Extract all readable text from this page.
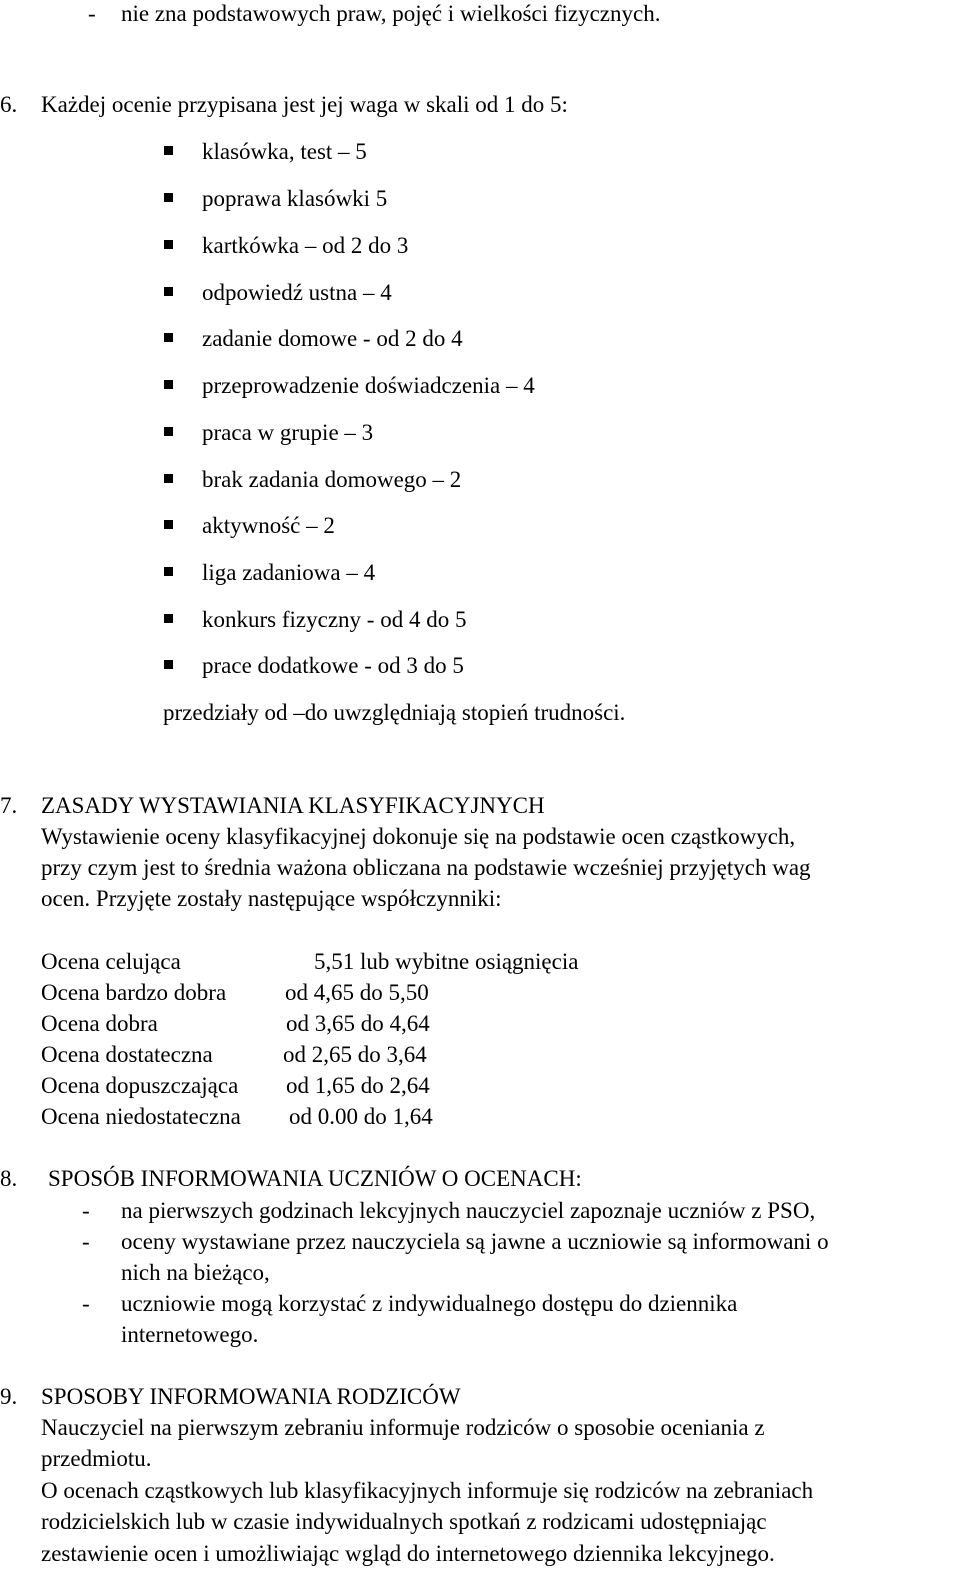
- nie zna podstawowych praw, pojęć i wielkości fizycznych.
6. Każdej ocenie przypisana jest jej waga w skali od 1 do 5:
klasówka, test – 5
poprawa klasówki 5
kartkówka – od 2 do 3
odpowiedź ustna – 4
zadanie domowe - od 2 do 4
przeprowadzenie doświadczenia – 4
praca w grupie – 3
brak zadania domowego – 2
aktywność – 2
liga zadaniowa – 4
konkurs fizyczny - od 4 do 5
prace dodatkowe - od 3 do 5
przedziały od –do uwzględniają stopień trudności.
7. ZASADY WYSTAWIANIA KLASYFIKACYJNYCH
Wystawienie oceny klasyfikacyjnej dokonuje się na podstawie ocen cząstkowych,
przy czym jest to średnia ważona obliczana na podstawie wcześniej przyjętych wag
ocen. Przyjęte zostały następujące współczynniki:
Ocena celująca	5,51 lub wybitne osiągnięcia
Ocena bardzo dobra	od 4,65 do 5,50
Ocena dobra	od 3,65 do 4,64
Ocena dostateczna	od 2,65 do 3,64
Ocena dopuszczająca od 1,65 do 2,64
Ocena niedostateczna od 0.00 do 1,64
8. SPOSÓB INFORMOWANIA UCZNIÓW O OCENACH:
- na pierwszych godzinach lekcyjnych nauczyciel zapoznaje uczniów z PSO,
- oceny wystawiane przez nauczyciela są jawne a uczniowie są informowani o
nich na bieżąco,
- uczniowie mogą korzystać z indywidualnego dostępu do dziennika
internetowego.
9. SPOSOBY INFORMOWANIA RODZICÓW
Nauczyciel na pierwszym zebraniu informuje rodziców o sposobie oceniania z
przedmiotu.
O ocenach cząstkowych lub klasyfikacyjnych informuje się rodziców na zebraniach
rodzicielskich lub w czasie indywidualnych spotkań z rodzicami udostępniając
zestawienie ocen i umożliwiając wgląd do internetowego dziennika lekcyjnego.
